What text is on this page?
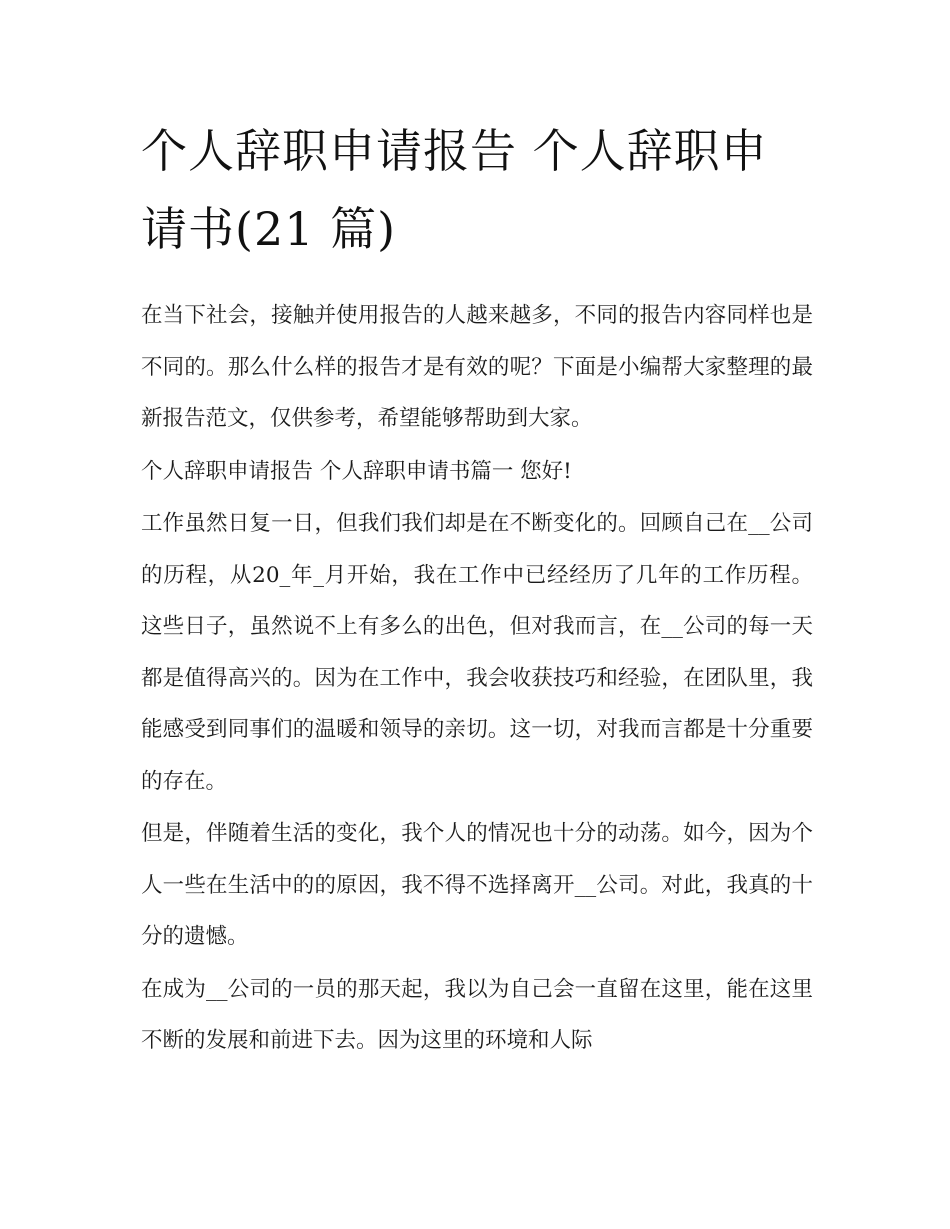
个人辞职申请报告 个人辞职申请书(21 篇)

在当下社会，接触并使用报告的人越来越多，不同的报告内容同样也是不同的。那么什么样的报告才是有效的呢？下面是小编帮大家整理的最新报告范文，仅供参考，希望能够帮助到大家。

个人辞职申请报告 个人辞职申请书篇一 您好!

工作虽然日复一日，但我们我们却是在不断变化的。回顾自己在__公司的历程，从20_年_月开始，我在工作中已经经历了几年的工作历程。这些日子，虽然说不上有多么的出色，但对我而言，在__公司的每一天都是值得高兴的。因为在工作中，我会收获技巧和经验，在团队里，我能感受到同事们的温暖和领导的亲切。这一切，对我而言都是十分重要的存在。

但是，伴随着生活的变化，我个人的情况也十分的动荡。如今，因为个人一些在生活中的的原因，我不得不选择离开__公司。对此，我真的十分的遗憾。

在成为__公司的一员的那天起，我以为自己会一直留在这里，能在这里不断的发展和前进下去。因为这里的环境和人际
